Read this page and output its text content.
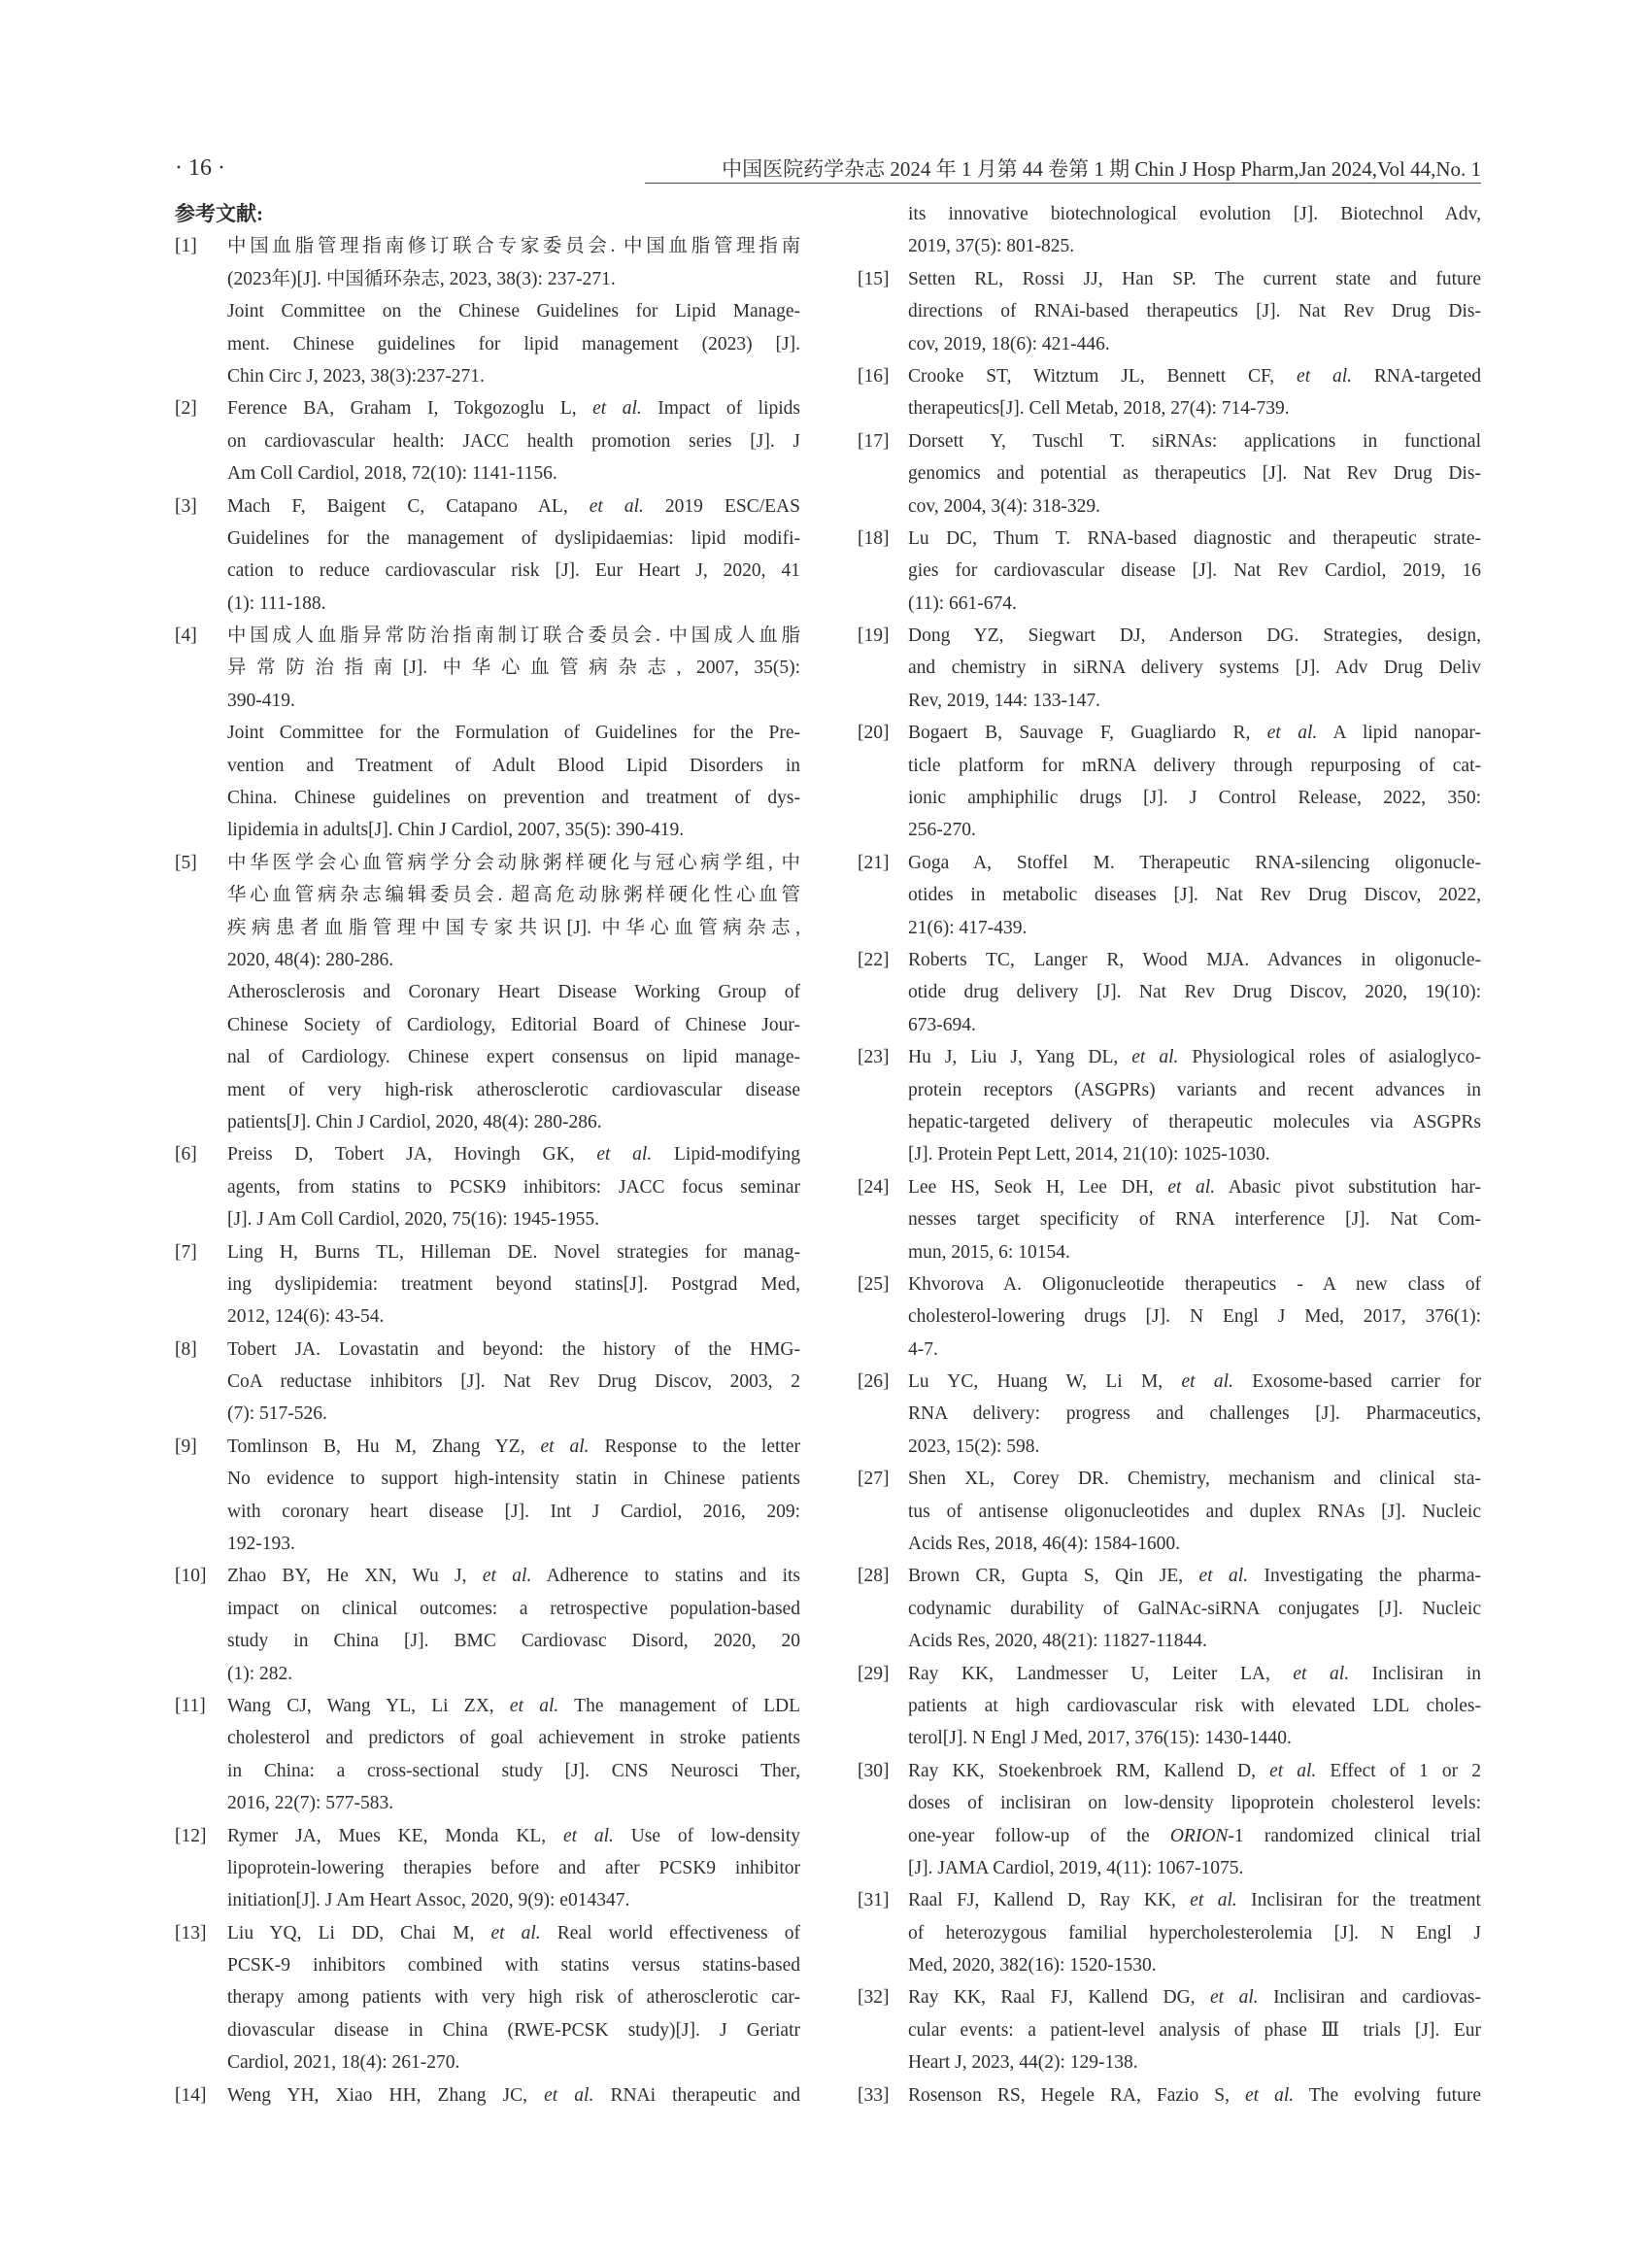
· 16 ·	中国医院药学杂志 2024 年 1 月第 44 卷第 1 期 Chin J Hosp Pharm,Jan 2024,Vol 44,No. 1
参考文献:
[1] 中国血脂管理指南修订联合专家委员会. 中国血脂管理指南
(2023年)[J]. 中国循环杂志, 2023, 38(3): 237-271.
Joint Committee on the Chinese Guidelines for Lipid Manage-
ment. Chinese guidelines for lipid management (2023) [J].
Chin Circ J, 2023, 38(3):237-271.
[2] Ference BA, Graham I, Tokgozoglu L, et al. Impact of lipids
on cardiovascular health: JACC health promotion series [J]. J
Am Coll Cardiol, 2018, 72(10): 1141-1156.
[3] Mach F, Baigent C, Catapano AL, et al. 2019 ESC/EAS
Guidelines for the management of dyslipidaemias: lipid modifi-
cation to reduce cardiovascular risk [J]. Eur Heart J, 2020, 41
(1): 111-188.
[4] 中国成人血脂异常防治指南制订联合委员会. 中国成人血脂
异常防治指南[J]. 中华心血管病杂志, 2007, 35(5):
390-419.
Joint Committee for the Formulation of Guidelines for the Pre-
vention and Treatment of Adult Blood Lipid Disorders in
China. Chinese guidelines on prevention and treatment of dys-
lipidemia in adults[J]. Chin J Cardiol, 2007, 35(5): 390-419.
[5] 中华医学会心血管病学分会动脉粥样硬化与冠心病学组, 中
华心血管病杂志编辑委员会. 超高危动脉粥样硬化性心血管
疾病患者血脂管理中国专家共识[J]. 中华心血管病杂志,
2020, 48(4): 280-286.
Atherosclerosis and Coronary Heart Disease Working Group of
Chinese Society of Cardiology, Editorial Board of Chinese Jour-
nal of Cardiology. Chinese expert consensus on lipid manage-
ment of very high-risk atherosclerotic cardiovascular disease
patients[J]. Chin J Cardiol, 2020, 48(4): 280-286.
[6] Preiss D, Tobert JA, Hovingh GK, et al. Lipid-modifying
agents, from statins to PCSK9 inhibitors: JACC focus seminar
[J]. J Am Coll Cardiol, 2020, 75(16): 1945-1955.
[7] Ling H, Burns TL, Hilleman DE. Novel strategies for manag-
ing dyslipidemia: treatment beyond statins[J]. Postgrad Med,
2012, 124(6): 43-54.
[8] Tobert JA. Lovastatin and beyond: the history of the HMG-
CoA reductase inhibitors [J]. Nat Rev Drug Discov, 2003, 2
(7): 517-526.
[9] Tomlinson B, Hu M, Zhang YZ, et al. Response to the letter
No evidence to support high-intensity statin in Chinese patients
with coronary heart disease [J]. Int J Cardiol, 2016, 209:
192-193.
[10] Zhao BY, He XN, Wu J, et al. Adherence to statins and its
impact on clinical outcomes: a retrospective population-based
study in China [J]. BMC Cardiovasc Disord, 2020, 20
(1): 282.
[11] Wang CJ, Wang YL, Li ZX, et al. The management of LDL
cholesterol and predictors of goal achievement in stroke patients
in China: a cross-sectional study [J]. CNS Neurosci Ther,
2016, 22(7): 577-583.
[12] Rymer JA, Mues KE, Monda KL, et al. Use of low-density
lipoprotein-lowering therapies before and after PCSK9 inhibitor
initiation[J]. J Am Heart Assoc, 2020, 9(9): e014347.
[13] Liu YQ, Li DD, Chai M, et al. Real world effectiveness of
PCSK-9 inhibitors combined with statins versus statins-based
therapy among patients with very high risk of atherosclerotic car-
diovascular disease in China (RWE-PCSK study)[J]. J Geriatr
Cardiol, 2021, 18(4): 261-270.
[14] Weng YH, Xiao HH, Zhang JC, et al. RNAi therapeutic and
its innovative biotechnological evolution [J]. Biotechnol Adv,
2019, 37(5): 801-825.
[15] Setten RL, Rossi JJ, Han SP. The current state and future
directions of RNAi-based therapeutics [J]. Nat Rev Drug Dis-
cov, 2019, 18(6): 421-446.
[16] Crooke ST, Witztum JL, Bennett CF, et al. RNA-targeted
therapeutics[J]. Cell Metab, 2018, 27(4): 714-739.
[17] Dorsett Y, Tuschl T. siRNAs: applications in functional
genomics and potential as therapeutics [J]. Nat Rev Drug Dis-
cov, 2004, 3(4): 318-329.
[18] Lu DC, Thum T. RNA-based diagnostic and therapeutic strate-
gies for cardiovascular disease [J]. Nat Rev Cardiol, 2019, 16
(11): 661-674.
[19] Dong YZ, Siegwart DJ, Anderson DG. Strategies, design,
and chemistry in siRNA delivery systems [J]. Adv Drug Deliv
Rev, 2019, 144: 133-147.
[20] Bogaert B, Sauvage F, Guagliardo R, et al. A lipid nanopar-
ticle platform for mRNA delivery through repurposing of cat-
ionic amphiphilic drugs [J]. J Control Release, 2022, 350:
256-270.
[21] Goga A, Stoffel M. Therapeutic RNA-silencing oligonucle-
otides in metabolic diseases [J]. Nat Rev Drug Discov, 2022,
21(6): 417-439.
[22] Roberts TC, Langer R, Wood MJA. Advances in oligonucle-
otide drug delivery [J]. Nat Rev Drug Discov, 2020, 19(10):
673-694.
[23] Hu J, Liu J, Yang DL, et al. Physiological roles of asialoglyco-
protein receptors (ASGPRs) variants and recent advances in
hepatic-targeted delivery of therapeutic molecules via ASGPRs
[J]. Protein Pept Lett, 2014, 21(10): 1025-1030.
[24] Lee HS, Seok H, Lee DH, et al. Abasic pivot substitution har-
nesses target specificity of RNA interference [J]. Nat Com-
mun, 2015, 6: 10154.
[25] Khvorova A. Oligonucleotide therapeutics - A new class of
cholesterol-lowering drugs [J]. N Engl J Med, 2017, 376(1):
4-7.
[26] Lu YC, Huang W, Li M, et al. Exosome-based carrier for
RNA delivery: progress and challenges [J]. Pharmaceutics,
2023, 15(2): 598.
[27] Shen XL, Corey DR. Chemistry, mechanism and clinical sta-
tus of antisense oligonucleotides and duplex RNAs [J]. Nucleic
Acids Res, 2018, 46(4): 1584-1600.
[28] Brown CR, Gupta S, Qin JE, et al. Investigating the pharma-
codynamic durability of GalNAc-siRNA conjugates [J]. Nucleic
Acids Res, 2020, 48(21): 11827-11844.
[29] Ray KK, Landmesser U, Leiter LA, et al. Inclisiran in
patients at high cardiovascular risk with elevated LDL choles-
terol[J]. N Engl J Med, 2017, 376(15): 1430-1440.
[30] Ray KK, Stoekenbroek RM, Kallend D, et al. Effect of 1 or 2
doses of inclisiran on low-density lipoprotein cholesterol levels:
one-year follow-up of the ORION-1 randomized clinical trial
[J]. JAMA Cardiol, 2019, 4(11): 1067-1075.
[31] Raal FJ, Kallend D, Ray KK, et al. Inclisiran for the treatment
of heterozygous familial hypercholesterolemia [J]. N Engl J
Med, 2020, 382(16): 1520-1530.
[32] Ray KK, Raal FJ, Kallend DG, et al. Inclisiran and cardiovas-
cular events: a patient-level analysis of phase Ⅲ trials [J]. Eur
Heart J, 2023, 44(2): 129-138.
[33] Rosenson RS, Hegele RA, Fazio S, et al. The evolving future
